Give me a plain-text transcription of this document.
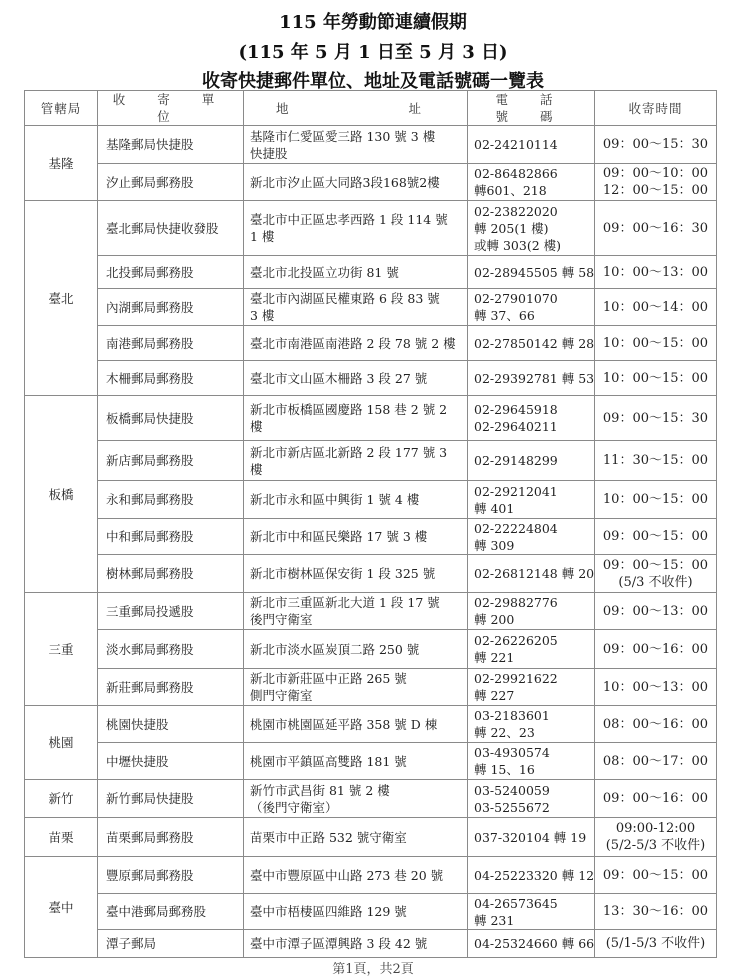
115 年勞動節連續假期
(115 年 5 月 1 日至 5 月 3 日)
收寄快捷郵件單位、地址及電話號碼一覽表
管轄局	收 寄 單 位	地　　　　址	電 話 號 碼	收寄時間
基隆	基隆郵局快捷股	基隆市仁愛區愛三路 130 號 3 樓
快捷股	02-24210114	09：00～15：30

	汐止郵局郵務股	新北市汐止區大同路3段168號2樓	02-86482866
轉601、218	09：00～10：00
12：00～15：00

臺北	臺北郵局快捷收發股	臺北市中正區忠孝西路 1 段 114 號
1 樓	02-23822020
轉 205(1 樓)
或轉 303(2 樓)	09：00～16：30

	北投郵局郵務股	臺北市北投區立功街 81 號	02-28945505 轉 58	10：00～13：00

	內湖郵局郵務股	臺北市內湖區民權東路 6 段 83 號
3 樓	02-27901070
轉 37、66	10：00～14：00

	南港郵局郵務股	臺北市南港區南港路 2 段 78 號 2 樓	02-27850142 轉 28	10：00～15：00

	木柵郵局郵務股	臺北市文山區木柵路 3 段 27 號	02-29392781 轉 53	10：00～15：00

板橋	板橋郵局快捷股	新北市板橋區國慶路 158 巷 2 號 2
樓	02-29645918
02-29640211	09：00～15：30

	新店郵局郵務股	新北市新店區北新路 2 段 177 號 3
樓	02-29148299	11：30～15：00

	永和郵局郵務股	新北市永和區中興街 1 號 4 樓	02-29212041
轉 401	10：00～15：00

	中和郵局郵務股	新北市中和區民樂路 17 號 3 樓	02-22224804
轉 309	09：00～15：00

	樹林郵局郵務股	新北市樹林區保安街 1 段 325 號	02-26812148 轉 20	09：00～15：00
(5/3 不收件)

三重	三重郵局投遞股	新北市三重區新北大道 1 段 17 號
後門守衛室	02-29882776
轉 200	09：00～13：00

	淡水郵局郵務股	新北市淡水區炭頂二路 250 號	02-26226205
轉 221	09：00～16：00

	新莊郵局郵務股	新北市新莊區中正路 265 號
側門守衛室	02-29921622
轉 227	10：00～13：00

桃園	桃園快捷股	桃園市桃園區延平路 358 號 D 棟	03-2183601
轉 22、23	08：00～16：00

	中壢快捷股	桃園市平鎮區高雙路 181 號	03-4930574
轉 15、16	08：00～17：00

新竹	新竹郵局快捷股	新竹市武昌街 81 號 2 樓
（後門守衛室）	03-5240059
03-5255672	09：00～16：00

苗栗	苗栗郵局郵務股	苗栗市中正路 532 號守衛室	037-320104 轉 19	09:00-12:00
(5/2-5/3 不收件)

臺中	豐原郵局郵務股	臺中市豐原區中山路 273 巷 20 號	04-25223320 轉 12	09：00～15：00

	臺中港郵局郵務股	臺中市梧棲區四維路 129 號	04-26573645
轉 231	13：30～16：00

	潭子郵局	臺中市潭子區潭興路 3 段 42 號	04-25324660 轉 66	(5/1-5/3 不收件)
第1頁，共2頁
